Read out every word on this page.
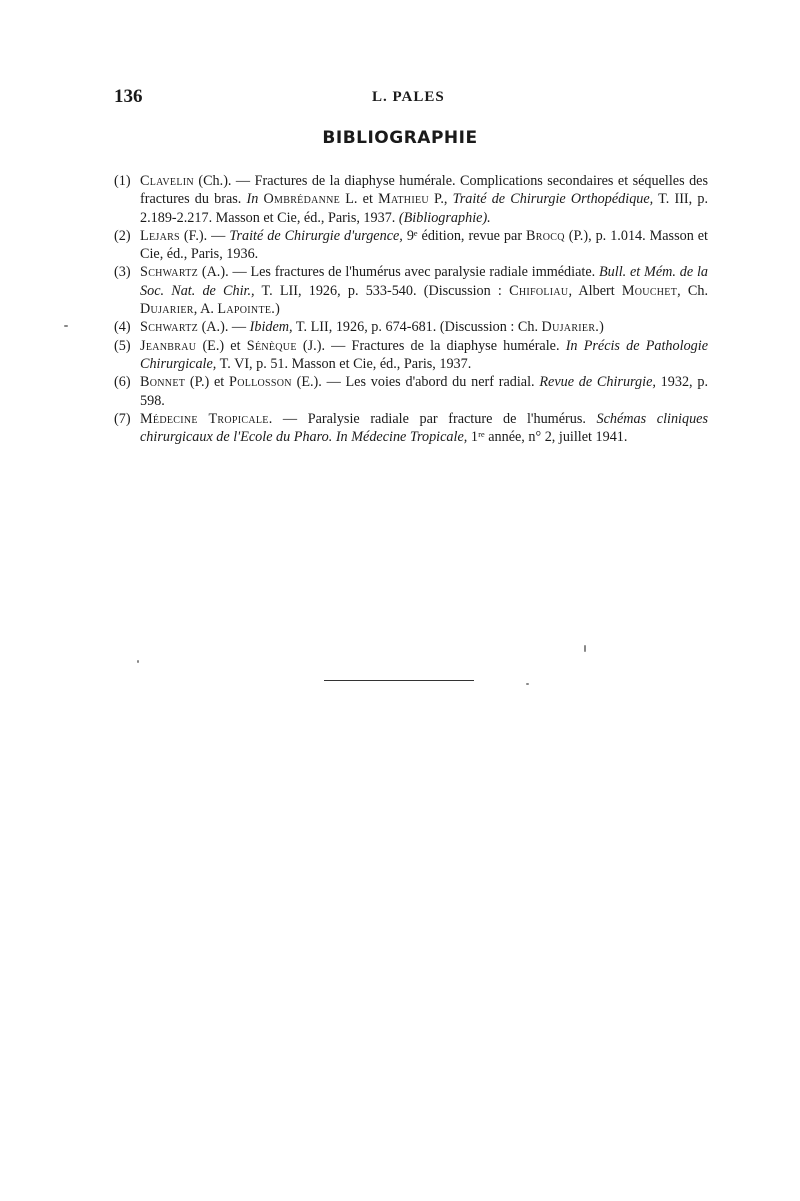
136	L. PALES
BIBLIOGRAPHIE
(1) Clavelin (Ch.). — Fractures de la diaphyse humérale. Complications secondaires et séquelles des fractures du bras. In Ombrédanne L. et Mathieu P., Traité de Chirurgie Orthopédique, T. III, p. 2.189-2.217. Masson et Cie, éd., Paris, 1937. (Bibliographie).
(2) Lejars (F.). — Traité de Chirurgie d'urgence, 9ᵉ édition, revue par Brocq (P.), p. 1.014. Masson et Cie, éd., Paris, 1936.
(3) Schwartz (A.). — Les fractures de l'humérus avec paralysie radiale immédiate. Bull. et Mém. de la Soc. Nat. de Chir., T. LII, 1926, p. 533-540. (Discussion : Chifoliau, Albert Mouchet, Ch. Dujarier, A. Lapointe.)
(4) Schwartz (A.). — Ibidem, T. LII, 1926, p. 674-681. (Discussion : Ch. Dujarier.)
(5) Jeanbrau (E.) et Sénèque (J.). — Fractures de la diaphyse humérale. In Précis de Pathologie Chirurgicale, T. VI, p. 51. Masson et Cie, éd., Paris, 1937.
(6) Bonnet (P.) et Pollosson (E.). — Les voies d'abord du nerf radial. Revue de Chirurgie, 1932, p. 598.
(7) Médecine Tropicale. — Paralysie radiale par fracture de l'humérus. Schémas cliniques chirurgicaux de l'Ecole du Pharo. In Médecine Tropicale, 1ʳᵉ année, n° 2, juillet 1941.
